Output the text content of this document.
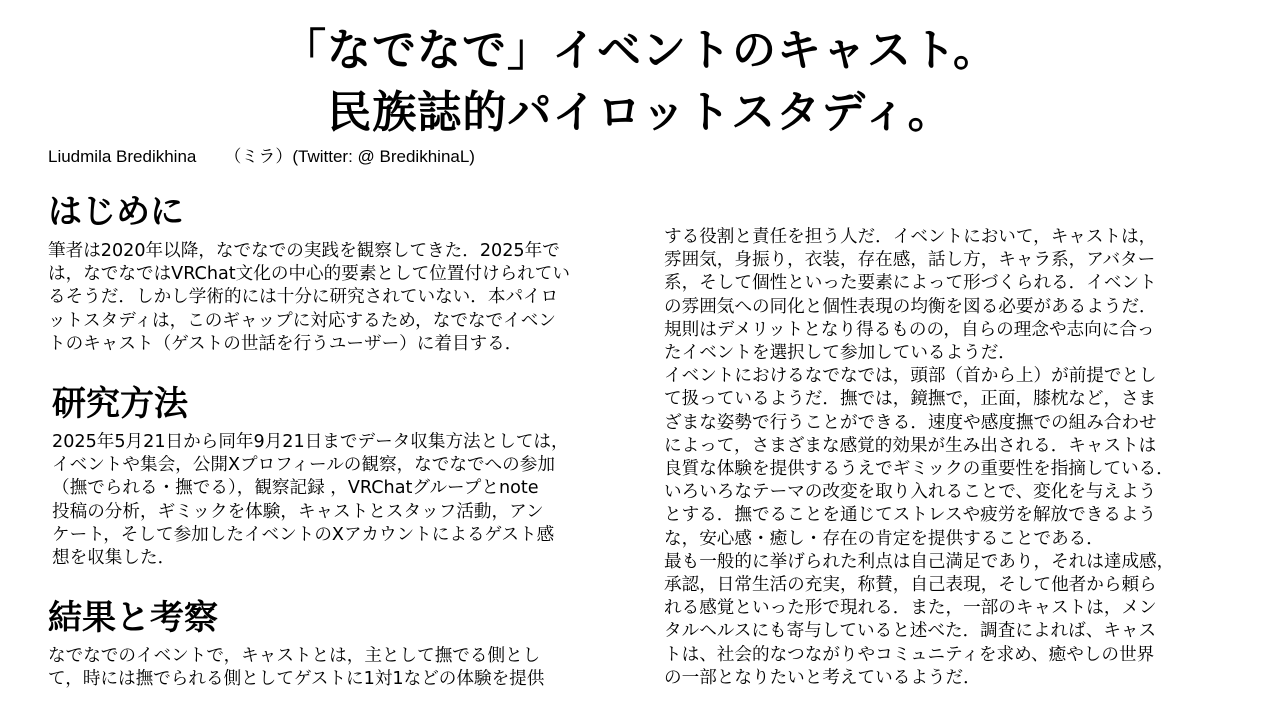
「なでなで」イベントのキャスト。
民族誌的パイロットスタディ。
Liudmila Bredikhina （ミラ）(Twitter: @ BredikhinaL)
はじめに
筆者は2020年以降，なでなでの実践を観察してきた．2025年で
は，なでなではVRChat文化の中心的要素として位置付けられてい
るそうだ．しかし学術的には十分に研究されていない．本パイロ
ットスタディは，このギャップに対応するため，なでなでイベン
トのキャスト（ゲストの世話を行うユーザー）に着目する．
研究方法
2025年5月21日から同年9月21日までデータ収集方法としては，
イベントや集会，公開Xプロフィールの観察，なでなでへの参加
（撫でられる・撫でる），観察記録 ，VRChatグループとnote
投稿の分析，ギミックを体験，キャストとスタッフ活動，アン
ケート，そして参加したイベントのXアカウントによるゲスト感
想を収集した．
結果と考察
なでなでのイベントで，キャストとは，主として撫でる側とし
て，時には撫でられる側としてゲストに1対1などの体験を提供
する役割と責任を担う人だ．イベントにおいて，キャストは，
雰囲気，身振り，衣装，存在感，話し方，キャラ系，アバター
系，そして個性といった要素によって形づくられる．イベント
の雰囲気への同化と個性表現の均衡を図る必要があるようだ．
規則はデメリットとなり得るものの，自らの理念や志向に合っ
たイベントを選択して参加しているようだ．
イベントにおけるなでなでは，頭部（首から上）が前提でとし
て扱っているようだ．撫では，鏡撫で，正面，膝枕など，さま
ざまな姿勢で行うことができる．速度や感度撫での組み合わせ
によって，さまざまな感覚的効果が生み出される．キャストは
良質な体験を提供するうえでギミックの重要性を指摘している．
いろいろなテーマの改変を取り入れることで、変化を与えよう
とする．撫でることを通じてストレスや疲労を解放できるよう
な，安心感・癒し・存在の肯定を提供することである．
最も一般的に挙げられた利点は自己満足であり，それは達成感，
承認，日常生活の充実，称賛，自己表現，そして他者から頼ら
れる感覚といった形で現れる．また，一部のキャストは，メン
タルヘルスにも寄与していると述べた．調査によれば、キャス
トは、社会的なつながりやコミュニティを求め、癒やしの世界
の一部となりたいと考えているようだ．
